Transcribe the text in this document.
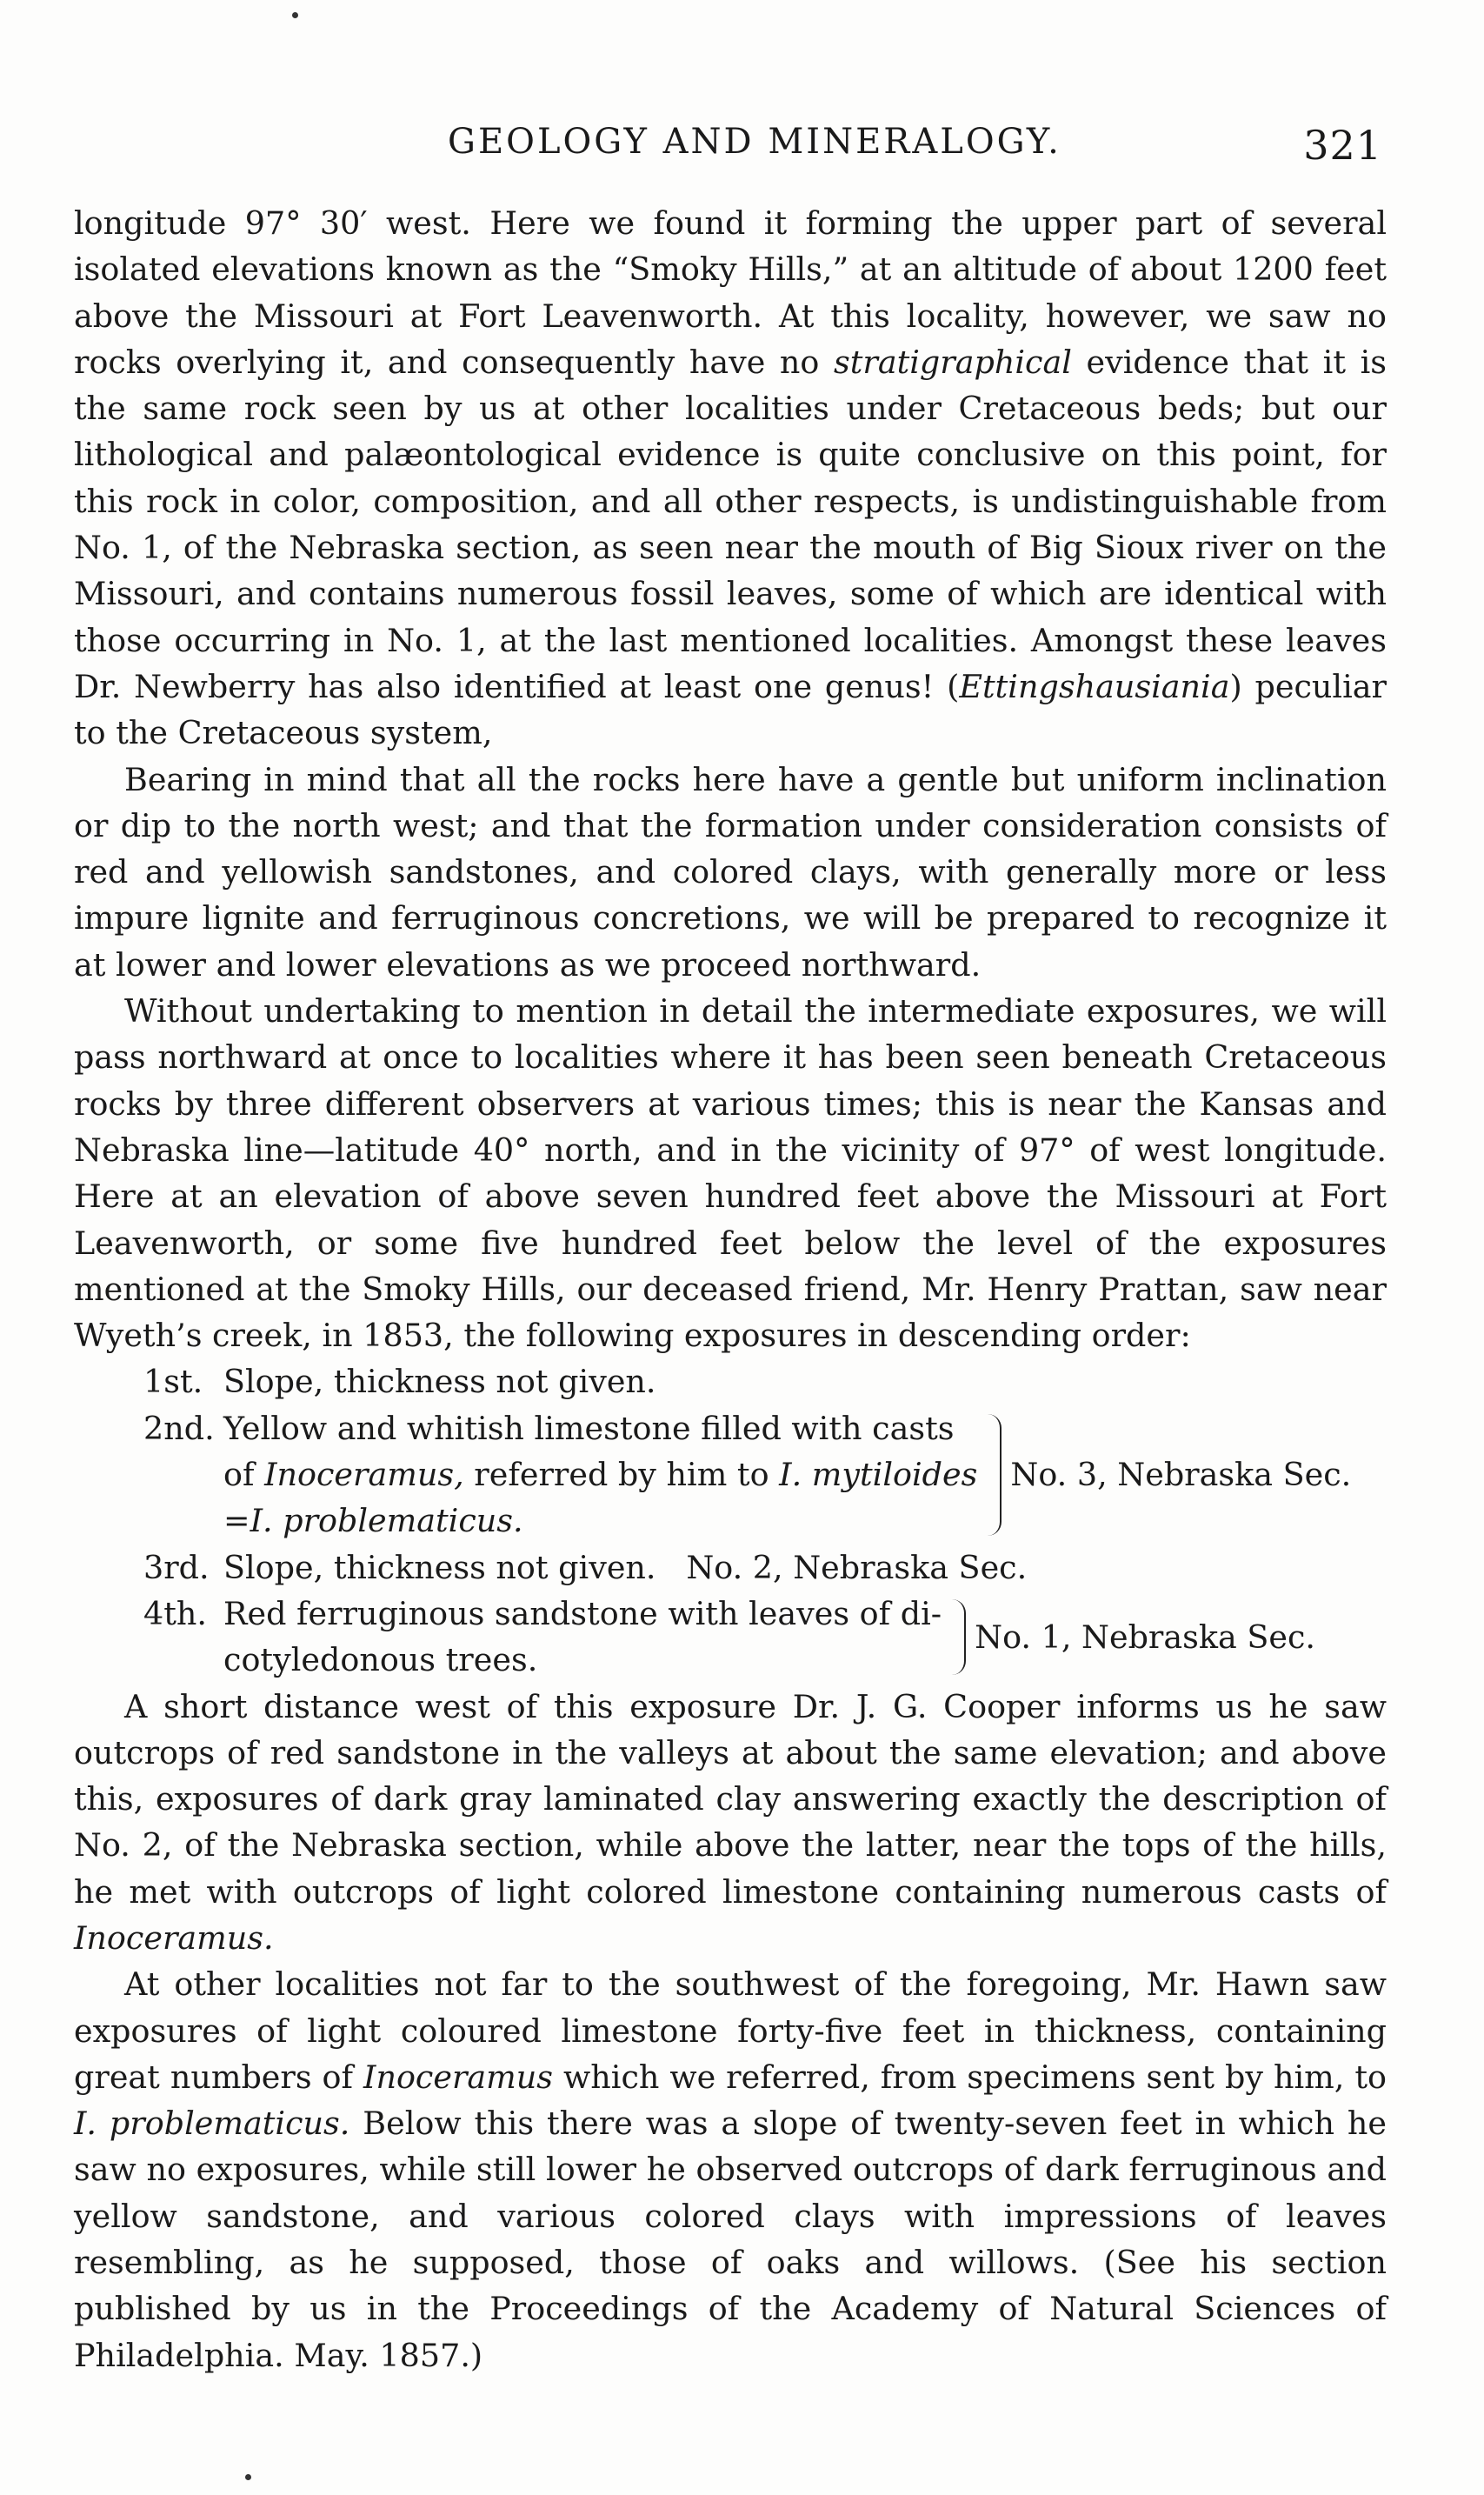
GEOLOGY AND MINERALOGY.	321

longitude 97° 30′ west. Here we found it forming the upper part of several isolated elevations known as the “Smoky Hills,” at an altitude of about 1200 feet above the Missouri at Fort Leavenworth. At this locality, however, we saw no rocks overlying it, and consequently have no stratigraphical evidence that it is the same rock seen by us at other localities under Cretaceous beds; but our lithological and palæontological evidence is quite conclusive on this point, for this rock in color, composition, and all other respects, is undistinguishable from No. 1, of the Nebraska section, as seen near the mouth of Big Sioux river on the Missouri, and contains numerous fossil leaves, some of which are identical with those occurring in No. 1, at the last mentioned localities. Amongst these leaves Dr. Newberry has also identified at least one genus! (Ettingshausiania) peculiar to the Cretaceous system,

Bearing in mind that all the rocks here have a gentle but uniform inclination or dip to the north west; and that the formation under consideration consists of red and yellowish sandstones, and colored clays, with generally more or less impure lignite and ferruginous concretions, we will be prepared to recognize it at lower and lower elevations as we proceed northward.

Without undertaking to mention in detail the intermediate exposures, we will pass northward at once to localities where it has been seen beneath Cretaceous rocks by three different observers at various times; this is near the Kansas and Nebraska line—latitude 40° north, and in the vicinity of 97° of west longitude. Here at an elevation of above seven hundred feet above the Missouri at Fort Leavenworth, or some five hundred feet below the level of the exposures mentioned at the Smoky Hills, our deceased friend, Mr. Henry Prattan, saw near Wyeth’s creek, in 1853, the following exposures in descending order:

1st. Slope, thickness not given.
2nd. Yellow and whitish limestone filled with casts
of Inoceramus, referred by him to I. mytiloides
=I. problematicus.
No. 3, Nebraska Sec.
3rd. Slope, thickness not given.   No. 2, Nebraska Sec.
4th. Red ferruginous sandstone with leaves of di-
cotyledonous trees.
No. 1, Nebraska Sec.

A short distance west of this exposure Dr. J. G. Cooper informs us he saw outcrops of red sandstone in the valleys at about the same elevation; and above this, exposures of dark gray laminated clay answering exactly the description of No. 2, of the Nebraska section, while above the latter, near the tops of the hills, he met with outcrops of light colored limestone containing numerous casts of Inoceramus.

At other localities not far to the southwest of the foregoing, Mr. Hawn saw exposures of light coloured limestone forty-five feet in thickness, containing great numbers of Inoceramus which we referred, from specimens sent by him, to I. problematicus. Below this there was a slope of twenty-seven feet in which he saw no exposures, while still lower he observed outcrops of dark ferruginous and yellow sandstone, and various colored clays with impressions of leaves resembling, as he supposed, those of oaks and willows. (See his section published by us in the Proceedings of the Academy of Natural Sciences of Philadelphia. May. 1857.)
